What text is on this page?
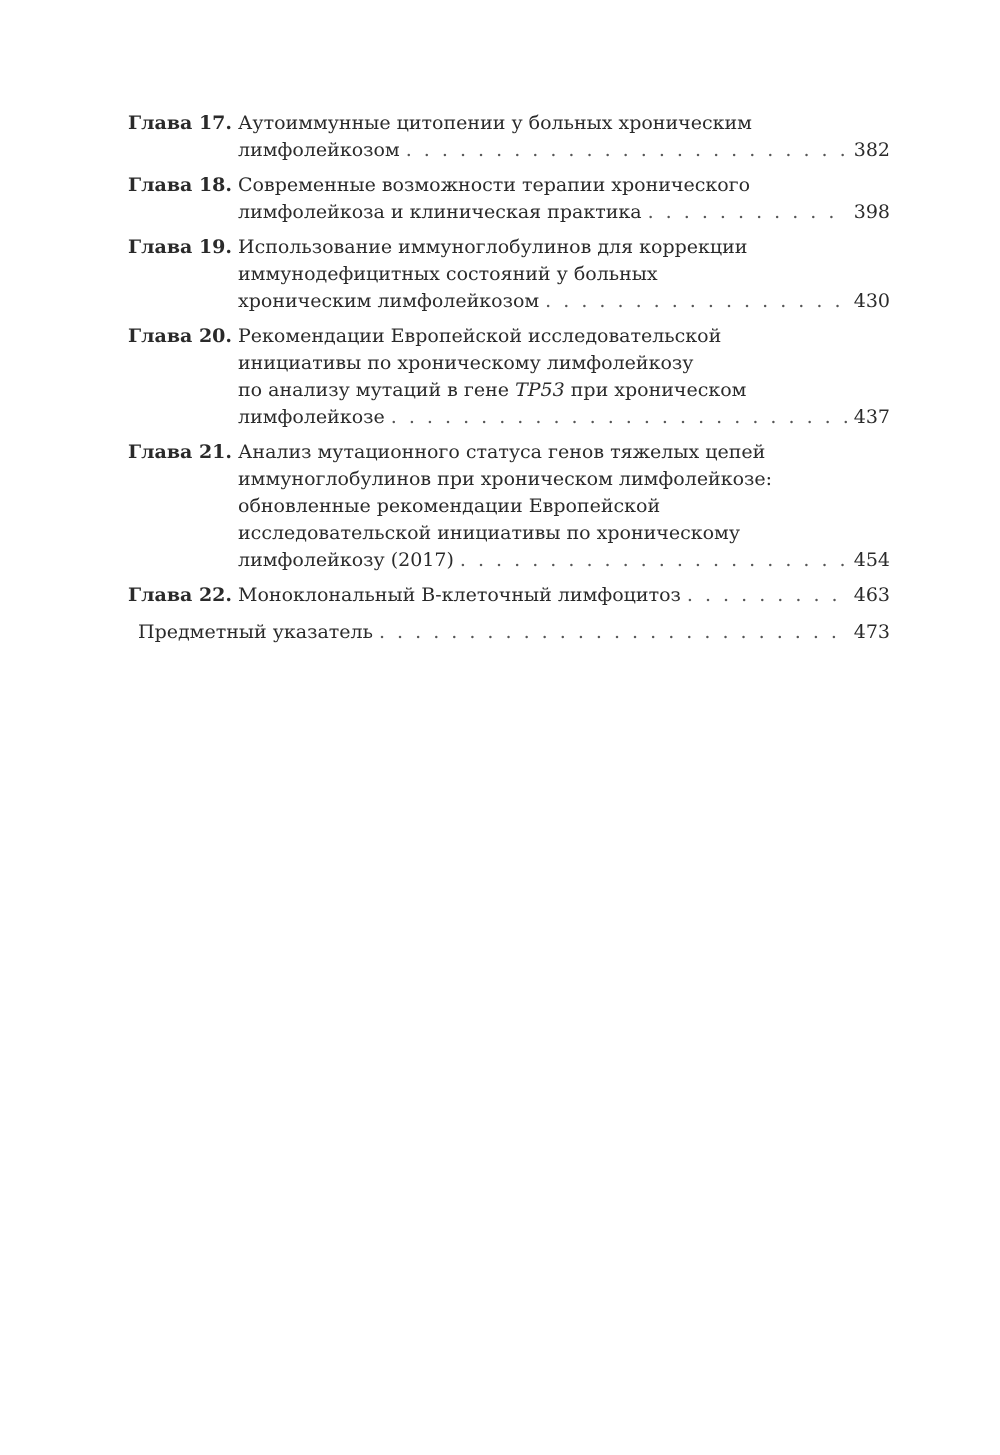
Глава 17. Аутоиммунные цитопении у больных хроническим
лимфолейкозом . . .	382
Глава 18. Современные возможности терапии хронического
лимфолейкоза и клиническая практика . . .	398
Глава 19. Использование иммуноглобулинов для коррекции
иммунодефицитных состояний у больных
хроническим лимфолейкозом . . .	430
Глава 20. Рекомендации Европейской исследовательской
инициативы по хроническому лимфолейкозу
по анализу мутаций в гене TP53 при хроническом
лимфолейкозе . . .	437
Глава 21. Анализ мутационного статуса генов тяжелых цепей
иммуноглобулинов при хроническом лимфолейкозе:
обновленные рекомендации Европейской
исследовательской инициативы по хроническому
лимфолейкозу (2017) . . .	454
Глава 22. Моноклональный В-клеточный лимфоцитоз . . .	463
Предметный указатель . . .	473
